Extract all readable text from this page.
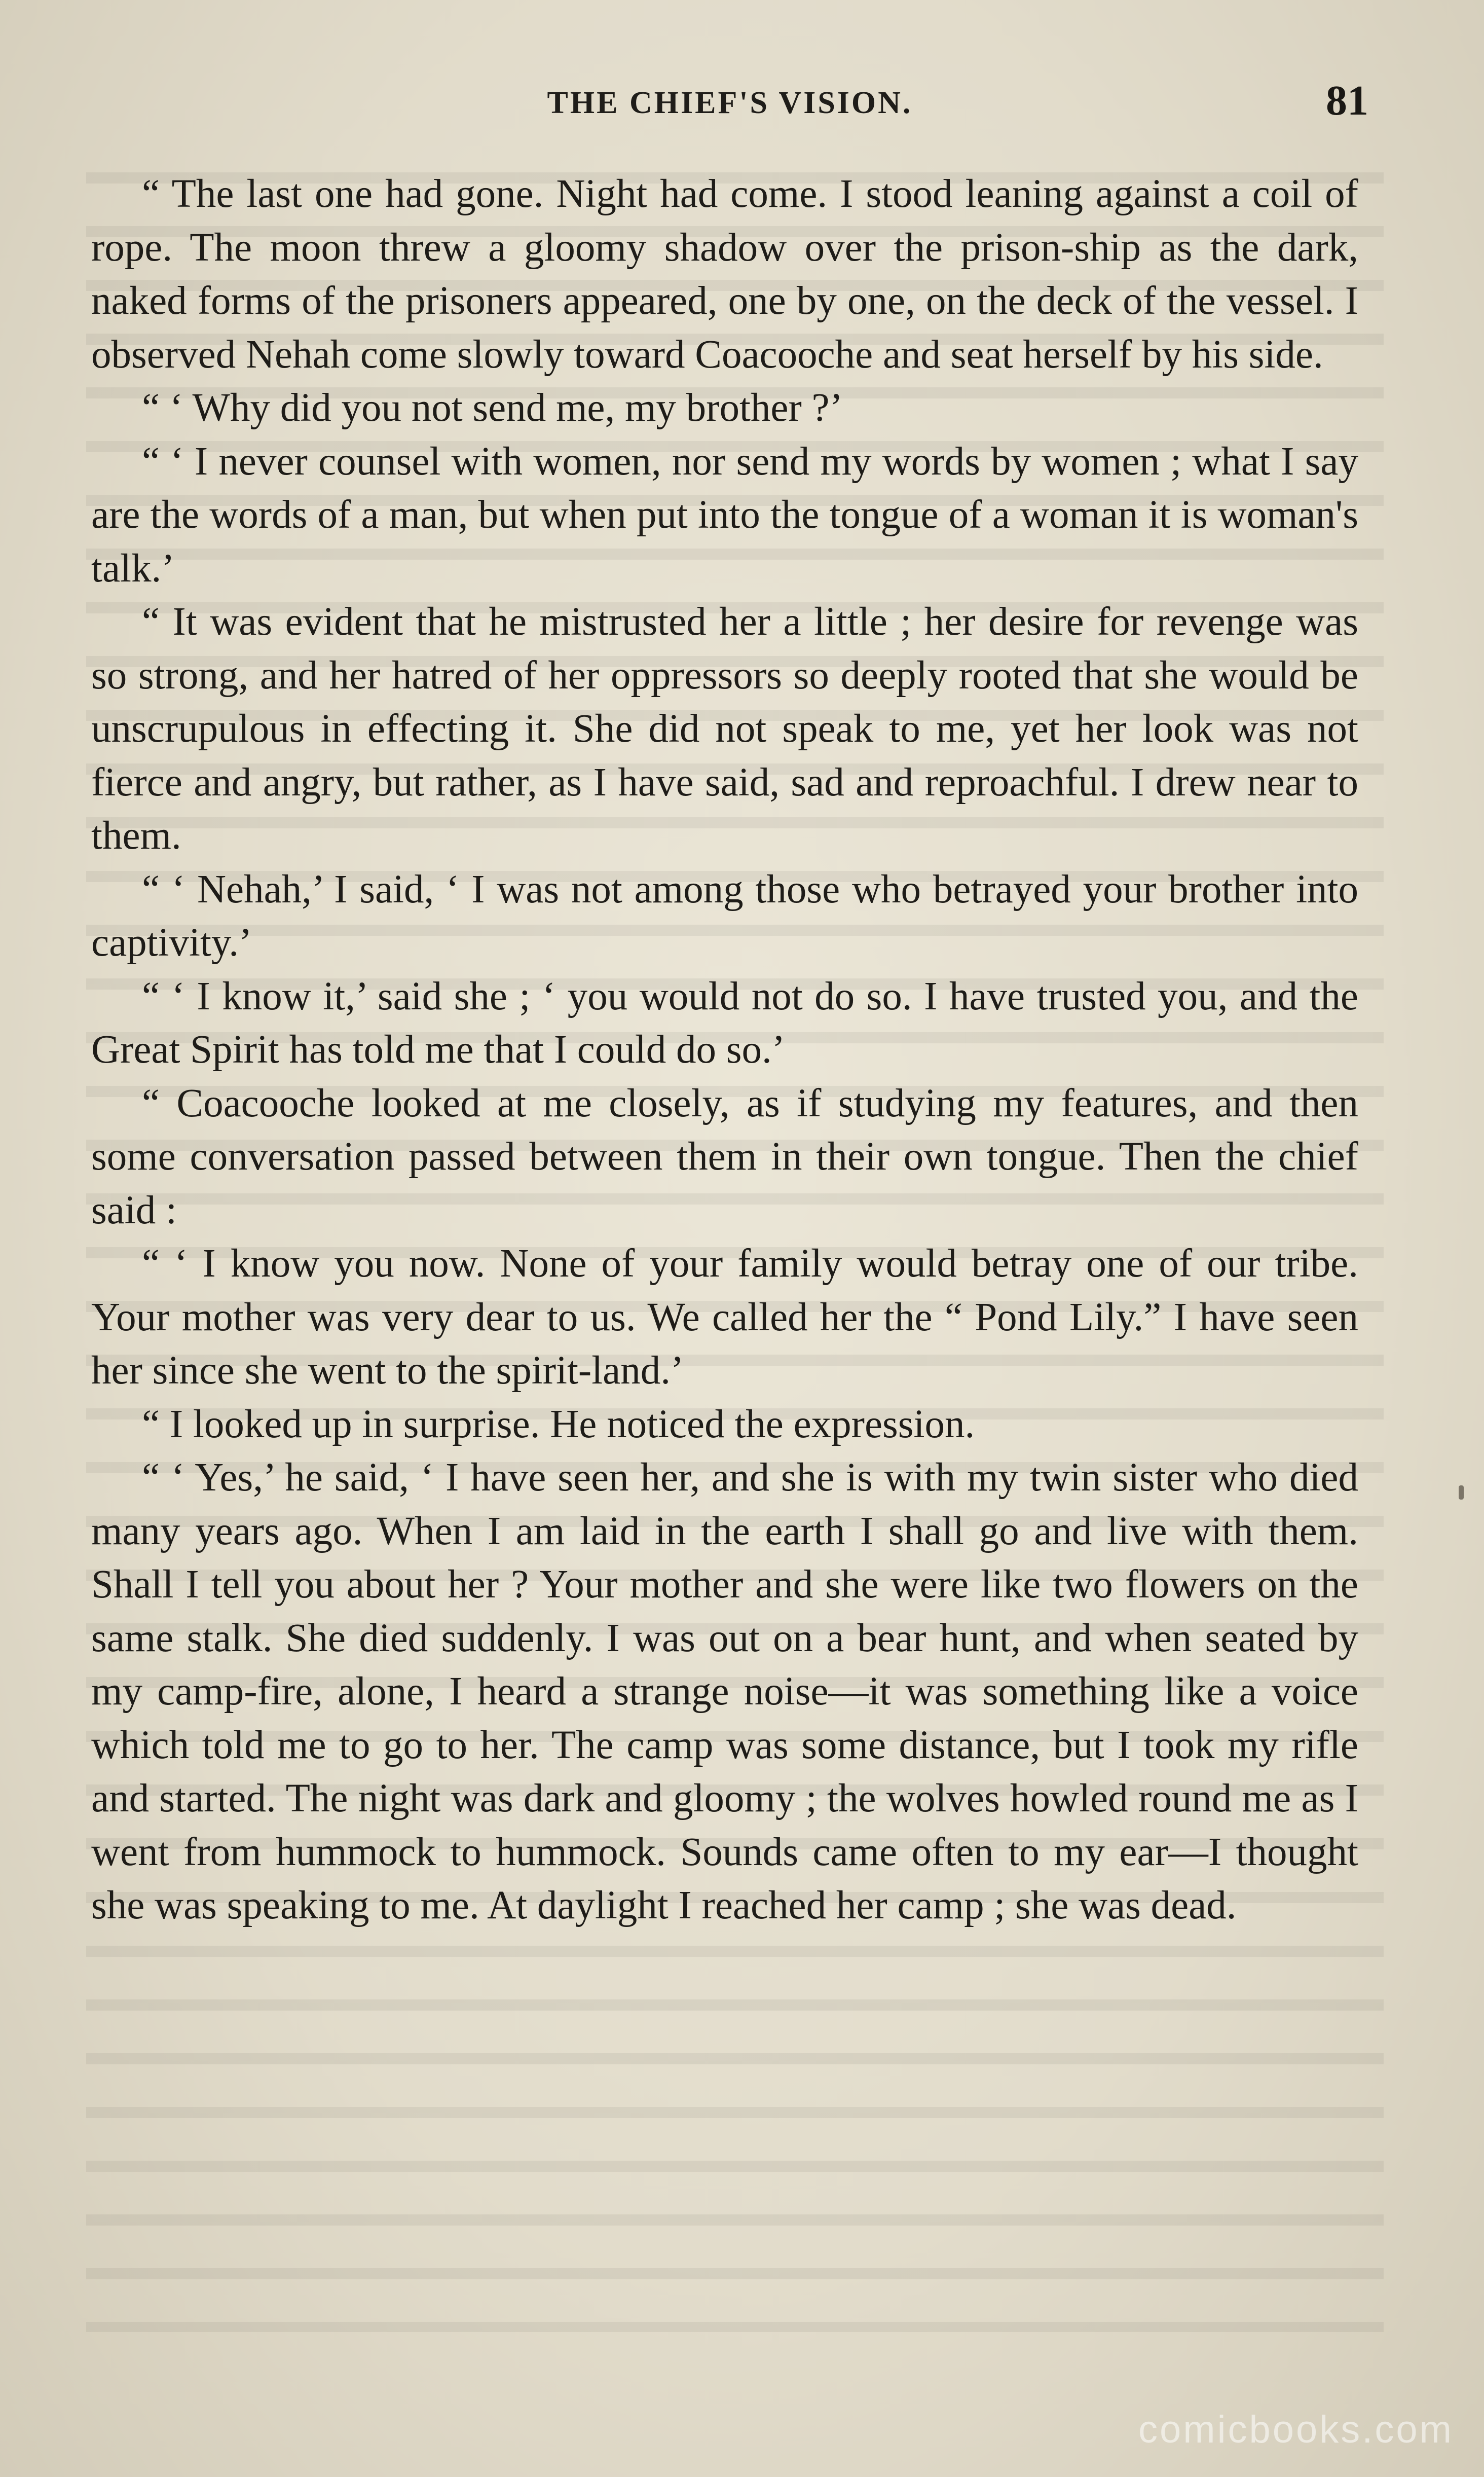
THE CHIEF'S VISION.	81

“ The last one had gone. Night had come. I stood leaning against a coil of rope. The moon threw a gloomy shadow over the prison-ship as the dark, naked forms of the prisoners appeared, one by one, on the deck of the vessel. I observed Nehah come slowly toward Coacooche and seat herself by his side.

“ ‘ Why did you not send me, my brother ?’

“ ‘ I never counsel with women, nor send my words by women ; what I say are the words of a man, but when put into the tongue of a woman it is woman's talk.’

“ It was evident that he mistrusted her a little ; her desire for revenge was so strong, and her hatred of her oppressors so deeply rooted that she would be unscrupulous in effecting it. She did not speak to me, yet her look was not fierce and angry, but rather, as I have said, sad and reproachful. I drew near to them.

“ ‘ Nehah,’ I said, ‘ I was not among those who betrayed your brother into captivity.’

“ ‘ I know it,’ said she ; ‘ you would not do so. I have trusted you, and the Great Spirit has told me that I could do so.’

“ Coacooche looked at me closely, as if studying my features, and then some conversation passed between them in their own tongue. Then the chief said :

“ ‘ I know you now. None of your family would betray one of our tribe. Your mother was very dear to us. We called her the “ Pond Lily.” I have seen her since she went to the spirit-land.’

“ I looked up in surprise. He noticed the expression.

“ ‘ Yes,’ he said, ‘ I have seen her, and she is with my twin sister who died many years ago. When I am laid in the earth I shall go and live with them. Shall I tell you about her ? Your mother and she were like two flowers on the same stalk. She died suddenly. I was out on a bear hunt, and when seated by my camp-fire, alone, I heard a strange noise—it was something like a voice which told me to go to her. The camp was some distance, but I took my rifle and started. The night was dark and gloomy ; the wolves howled round me as I went from hummock to hummock. Sounds came often to my ear—I thought she was speaking to me. At daylight I reached her camp ; she was dead.

comicbooks.com
